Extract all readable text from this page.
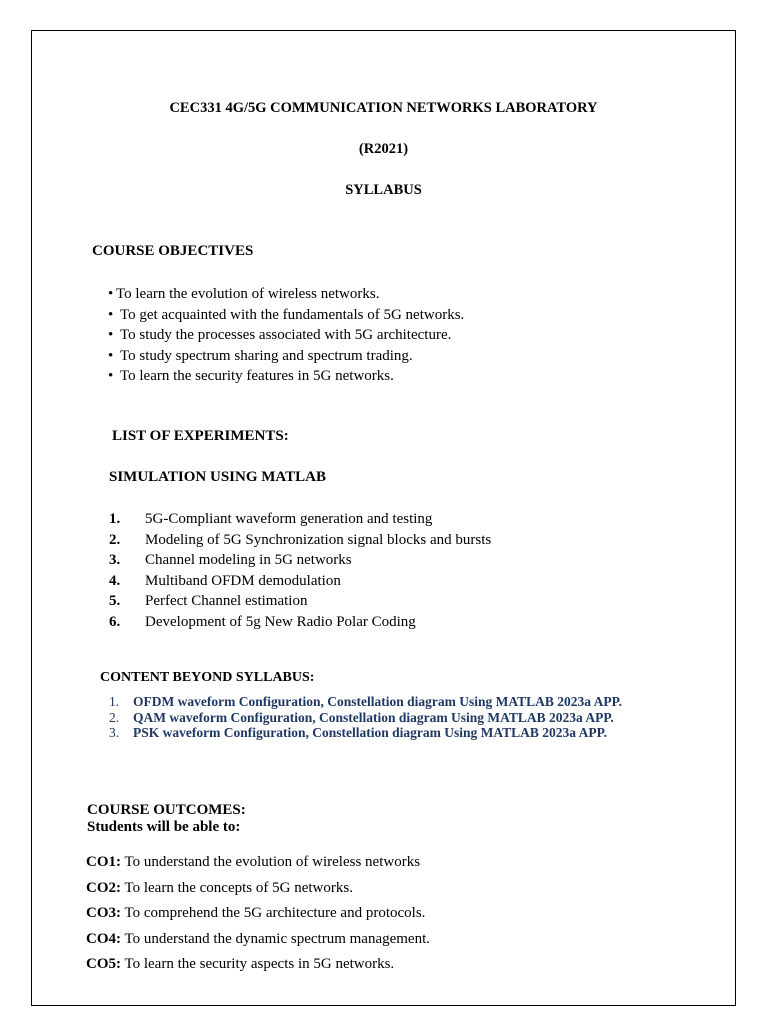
CEC331 4G/5G COMMUNICATION NETWORKS LABORATORY
(R2021)
SYLLABUS
COURSE OBJECTIVES
• To learn the evolution of wireless networks.
• To get acquainted with the fundamentals of 5G networks.
• To study the processes associated with 5G architecture.
• To study spectrum sharing and spectrum trading.
• To learn the security features in 5G networks.
LIST OF EXPERIMENTS:
SIMULATION USING MATLAB
1. 5G-Compliant waveform generation and testing
2. Modeling of 5G Synchronization signal blocks and bursts
3. Channel modeling in 5G networks
4. Multiband OFDM demodulation
5. Perfect Channel estimation
6. Development of 5g New Radio Polar Coding
CONTENT BEYOND SYLLABUS:
1. OFDM waveform Configuration, Constellation diagram Using MATLAB 2023a APP.
2. QAM waveform Configuration, Constellation diagram Using MATLAB 2023a APP.
3. PSK waveform Configuration, Constellation diagram Using MATLAB 2023a APP.
COURSE OUTCOMES:
Students will be able to:
CO1: To understand the evolution of wireless networks
CO2: To learn the concepts of 5G networks.
CO3: To comprehend the 5G architecture and protocols.
CO4: To understand the dynamic spectrum management.
CO5: To learn the security aspects in 5G networks.
